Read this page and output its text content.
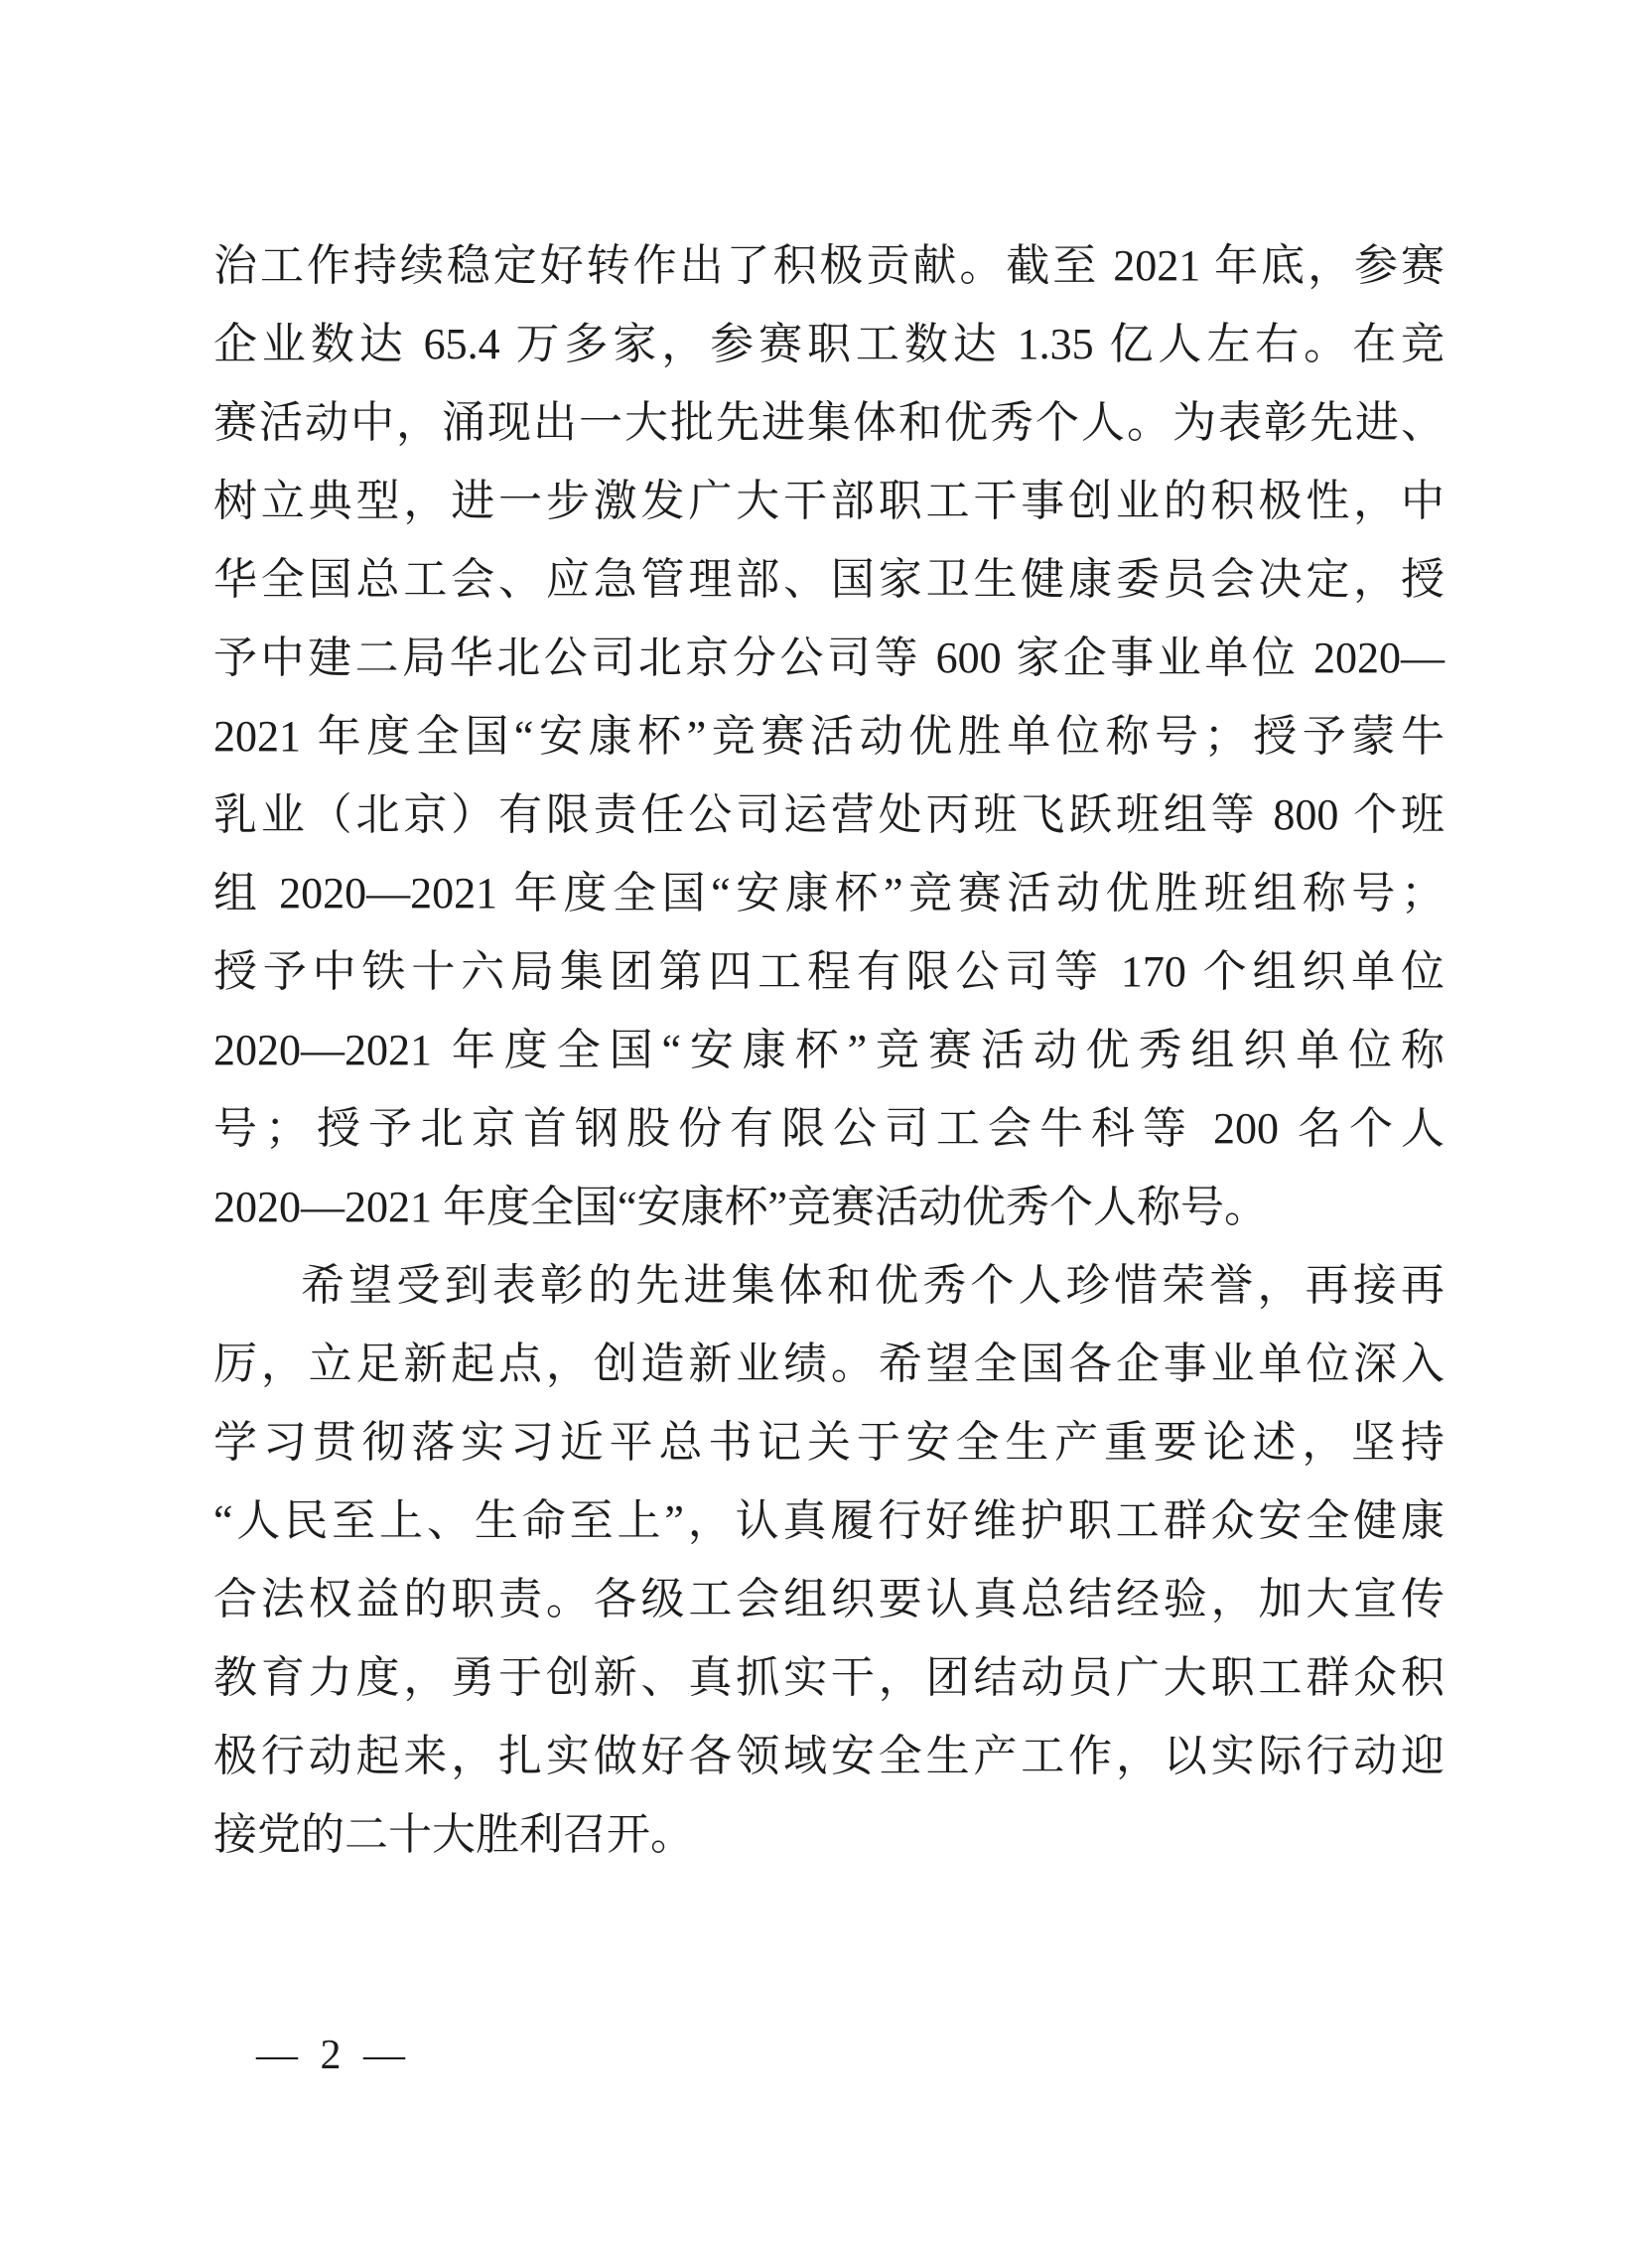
治工作持续稳定好转作出了积极贡献。截至 2021 年底，参赛
企业数达 65.4 万多家，参赛职工数达 1.35 亿人左右。在竞
赛活动中，涌现出一大批先进集体和优秀个人。为表彰先进、
树立典型，进一步激发广大干部职工干事创业的积极性，中
华全国总工会、应急管理部、国家卫生健康委员会决定，授
予中建二局华北公司北京分公司等 600 家企事业单位 2020—
2021 年度全国“安康杯”竞赛活动优胜单位称号；授予蒙牛
乳业（北京）有限责任公司运营处丙班飞跃班组等 800 个班
组 2020—2021 年度全国“安康杯”竞赛活动优胜班组称号；
授予中铁十六局集团第四工程有限公司等 170 个组织单位
2020—2021 年度全国“安康杯”竞赛活动优秀组织单位称
号；授予北京首钢股份有限公司工会牛科等 200 名个人
2020—2021 年度全国“安康杯”竞赛活动优秀个人称号。
希望受到表彰的先进集体和优秀个人珍惜荣誉，再接再
厉，立足新起点，创造新业绩。希望全国各企事业单位深入
学习贯彻落实习近平总书记关于安全生产重要论述，坚持
“人民至上、生命至上”，认真履行好维护职工群众安全健康
合法权益的职责。各级工会组织要认真总结经验，加大宣传
教育力度，勇于创新、真抓实干，团结动员广大职工群众积
极行动起来，扎实做好各领域安全生产工作，以实际行动迎
接党的二十大胜利召开。
— 2 —
